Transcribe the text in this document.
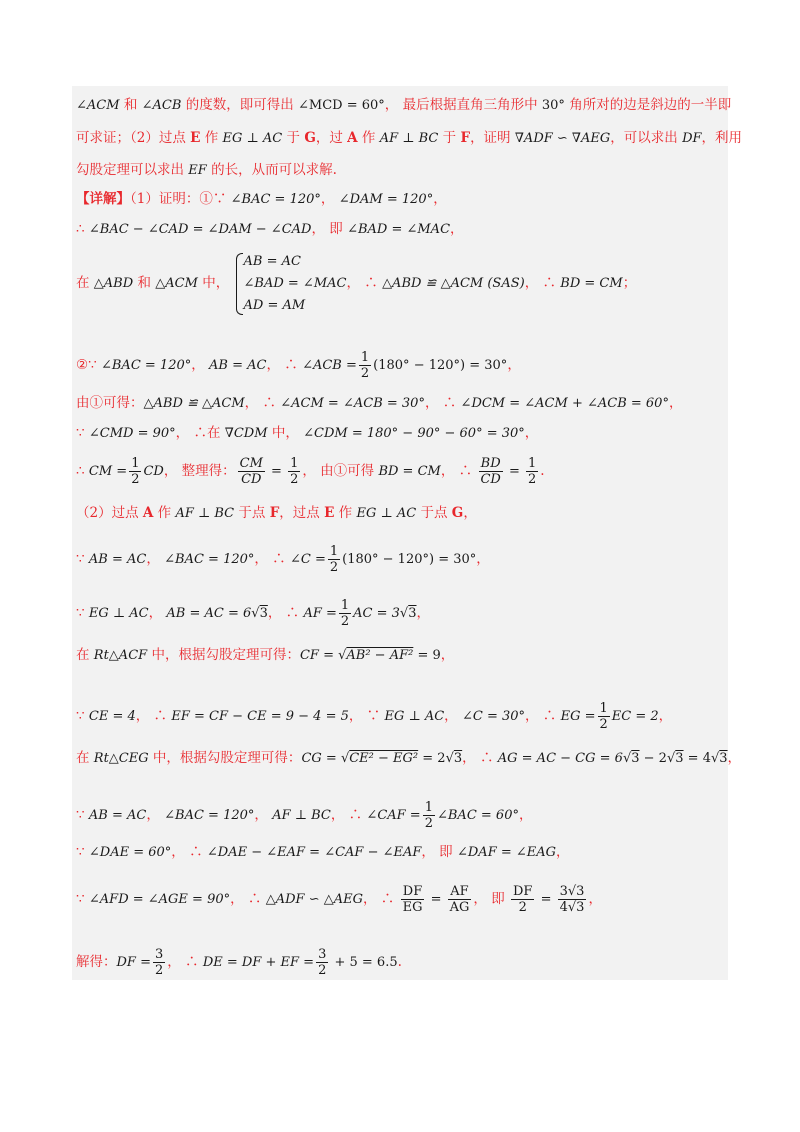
∠ACM 和 ∠ACB 的度数，即可得出 ∠MCD = 60°， 最后根据直角三角形中 30° 角所对的边是斜边的一半即
可求证；（2）过点 E 作 EG ⊥ AC 于 G，过 A 作 AF ⊥ BC 于 F，证明 ∇ADF ∽ ∇AEG，可以求出 DF，利用
勾股定理可以求出 EF 的长，从而可以求解.
【详解】（1）证明：①∵ ∠BAC = 120°， ∠DAM = 120°，
∴ ∠BAC − ∠CAD = ∠DAM − ∠CAD， 即 ∠BAD = ∠MAC，
在 △ABD 和 △ACM 中， AB = AC
∠BAD = ∠MAC
AD = AM， ∴ △ABD ≌ △ACM (SAS)， ∴ BD = CM；
②∵ ∠BAC = 120°， AB = AC， ∴ ∠ACB = $\frac{1}{2} (180^\circ - 120^\circ) = 30^\circ$，
由①可得：△ABD ≌ △ACM， ∴ ∠ACM = ∠ACB = 30°， ∴ ∠DCM = ∠ACM + ∠ACB = 60°，
∵ ∠CMD = 90°， ∴在 ∇CDM 中， ∠CDM = 180° − 90° − 60° = 30°，
∴ CM = $\frac{1}{2}$ CD， 整理得： $\frac{CM}{CD} = \frac{1}{2}$ ， 由①可得 BD = CM， ∴ $\frac{BD}{CD} = \frac{1}{2}$ .
（2）过点 A 作 AF ⊥ BC 于点 F，过点 E 作 EG ⊥ AC 于点 G，
∵ AB = AC， ∠BAC = 120°， ∴ ∠C = $\frac{1}{2} (180^\circ - 120^\circ) = 30^\circ$，
∵ EG ⊥ AC， AB = AC = 6√3， ∴ AF = $\frac{1}{2}$ AC = 3√3，
在 Rt△ACF 中，根据勾股定理可得：CF = √AB² − AF² = 9，
∵ CE = 4， ∴ EF = CF − CE = 9 − 4 = 5， ∵ EG ⊥ AC， ∠C = 30°， ∴ EG = $\frac{1}{2}$ EC = 2，
在 Rt△CEG 中，根据勾股定理可得：CG = √CE² − EG² = 2√3， ∴ AG = AC − CG = 6√3 − 2√3 = 4√3，
∵ AB = AC， ∠BAC = 120°， AF ⊥ BC， ∴ ∠CAF = $\frac{1}{2}$ ∠BAC = 60°，
∵ ∠DAE = 60°， ∴ ∠DAE − ∠EAF = ∠CAF − ∠EAF， 即 ∠DAF = ∠EAG，
∵ ∠AFD = ∠AGE = 90°， ∴ △ADF ∽ △AEG， ∴ $\frac{DF}{EG} = \frac{AF}{AG}$ ， 即 $\frac{DF}{2} = \frac{3√3}{4√3}$ ，
解得：DF = $\frac{3}{2}$ ， ∴ DE = DF + EF = $\frac{3}{2} + 5 = 6.5$.
